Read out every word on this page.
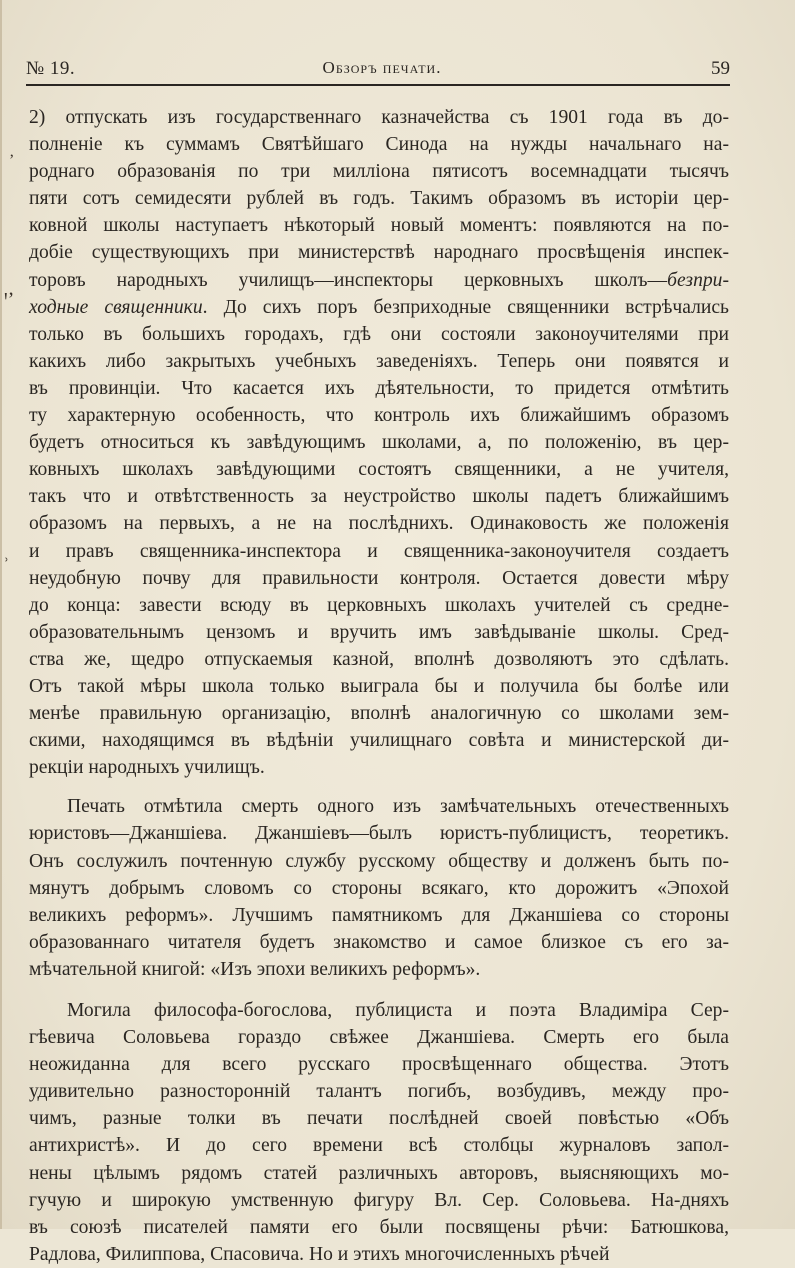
№ 19.	Обзоръ печати.	59
ʼ
ꞌʼ
ʾ
2) отпускать изъ государственнаго казначейства съ 1901 года въ до-
полненіе къ суммамъ Святѣйшаго Синода на нужды начальнаго на-
роднаго образованія по три милліона пятисотъ восемнадцати тысячъ
пяти сотъ семидесяти рублей въ годъ. Такимъ образомъ въ исторіи цер-
ковной школы наступаетъ нѣкоторый новый моментъ: появляются на по-
добіе существующихъ при министерствѣ народнаго просвѣщенія инспек-
торовъ народныхъ училищъ—инспекторы церковныхъ школъ—безпри-
ходные священники. До сихъ поръ безприходные священники встрѣчались
только въ большихъ городахъ, гдѣ они состояли законоучителями при
какихъ либо закрытыхъ учебныхъ заведеніяхъ. Теперь они появятся и
въ провинціи. Что касается ихъ дѣятельности, то придется отмѣтить
ту характерную особенность, что контроль ихъ ближайшимъ образомъ
будетъ относиться къ завѣдующимъ школами, а, по положенію, въ цер-
ковныхъ школахъ завѣдующими состоятъ священники, а не учителя,
такъ что и отвѣтственность за неустройство школы падетъ ближайшимъ
образомъ на первыхъ, а не на послѣднихъ. Одинаковость же положенія
и правъ священника-инспектора и священника-законоучителя создаетъ
неудобную почву для правильности контроля. Остается довести мѣру
до конца: завести всюду въ церковныхъ школахъ учителей съ средне-
образовательнымъ цензомъ и вручить имъ завѣдываніе школы. Сред-
ства же, щедро отпускаемыя казной, вполнѣ дозволяютъ это сдѣлать.
Отъ такой мѣры школа только выиграла бы и получила бы болѣе или
менѣе правильную организацію, вполнѣ аналогичную со школами зем-
скими, находящимся въ вѣдѣніи училищнаго совѣта и министерской ди-
рекціи народныхъ училищъ.
Печать отмѣтила смерть одного изъ замѣчательныхъ отечественныхъ
юристовъ—Джаншіева. Джаншіевъ—былъ юристъ-публицистъ, теоретикъ.
Онъ сослужилъ почтенную службу русскому обществу и долженъ быть по-
мянутъ добрымъ словомъ со стороны всякаго, кто дорожитъ «Эпохой
великихъ реформъ». Лучшимъ памятникомъ для Джаншіева со стороны
образованнаго читателя будетъ знакомство и самое близкое съ его за-
мѣчательной книгой: «Изъ эпохи великихъ реформъ».
Могила философа-богослова, публициста и поэта Владиміра Сер-
гѣевича Соловьева гораздо свѣжее Джаншіева. Смерть его была
неожиданна для всего русскаго просвѣщеннаго общества. Этотъ
удивительно разносторонній талантъ погибъ, возбудивъ, между про-
чимъ, разные толки въ печати послѣдней своей повѣстью «Объ
антихристѣ». И до сего времени всѣ столбцы журналовъ запол-
нены цѣлымъ рядомъ статей различныхъ авторовъ, выясняющихъ мо-
гучую и широкую умственную фигуру Вл. Сер. Соловьева. На-дняхъ
въ союзѣ писателей памяти его были посвящены рѣчи: Батюшкова,
Радлова, Филиппова, Спасовича. Но и этихъ многочисленныхъ рѣчей
